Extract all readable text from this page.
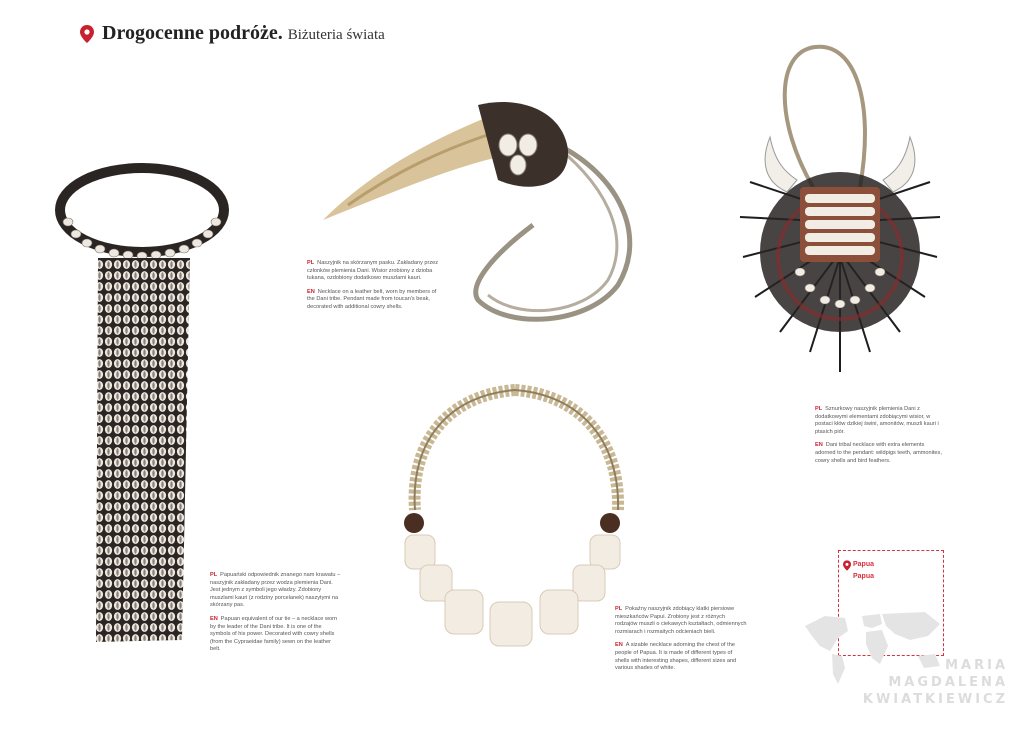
Drogocenne podróże. Biżuteria świata

PL Naszyjnik na skórzanym pasku. Zakładany przez członków plemienia Dani. Wisior zrobiony z dzioba tukana, ozdobiony dodatkowo muszlami kauri.

EN Necklace on a leather belt, worn by members of the Dani tribe. Pendant made from toucan's beak, decorated with additional cowry shells.

PL Sznurkowy naszyjnik plemienia Dani z dodatkowymi elementami zdobiącymi wisior, w postaci kłów dzikiej świni, amonitów, muszli kauri i ptasich piór.

EN Dani tribal necklace with extra elements adorned to the pendant: wildpigs teeth, ammonites, cowry shells and bird feathers.

PL Papuański odpowiednik znanego nam krawatu – naszyjnik zakładany przez wodza plemienia Dani. Jest jednym z symboli jego władzy. Zdobiony muszlami kauri (z rodziny porcelanek) naszytymi na skórzany pas.

EN Papuan equivalent of our tie – a necklace worn by the leader of the Dani tribe. It is one of the symbols of his power. Decorated with cowry shells (from the Cypraeidae family) sewn on the leather belt.

PL Pokaźny naszyjnik zdobiący klatki piersiowe mieszkańców Papui. Zrobiony jest z różnych rodzajów muszli o ciekawych kształtach, odmiennych rozmiarach i rozmaitych odcieniach bieli.

EN A sizable necklace adorning the chest of the people of Papua. It is made of different types of shells with interesting shapes, different sizes and various shades of white.

Papua
Papua
MARIA
MAGDALENA
KWIATKIEWICZ
